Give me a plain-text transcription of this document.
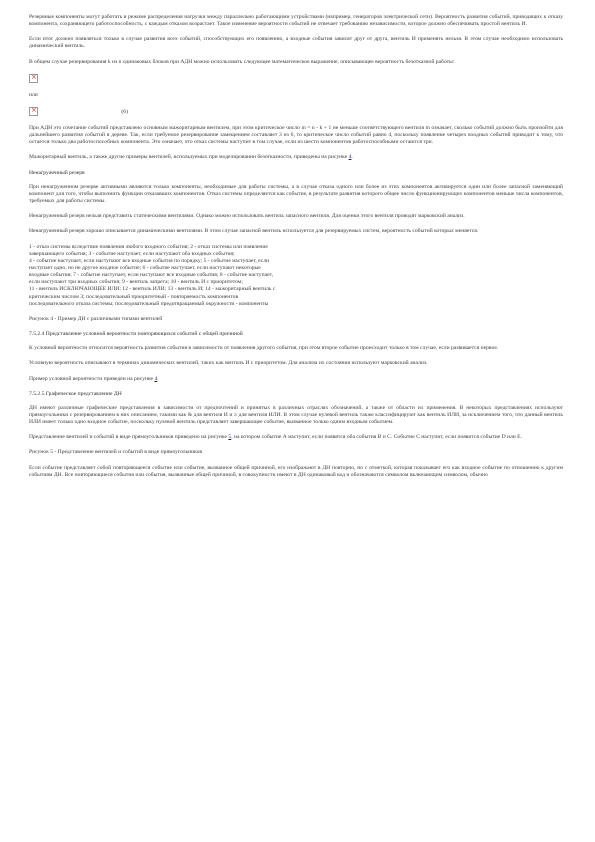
Резервные компоненты могут работать в режиме распределения нагрузки между параллельно работающими устройствами (например, генераторов электрической сети). Вероятность развития событий, приводящих к отказу компонента, сохраняющего работоспособность, с каждым отказом возрастает. Такое изменение вероятности событий не отвечает требованию независимости, которое должно обеспечивать простой вентиль И.

Если итог должно появляться только в случае развития всех событий, способствующих его появлению, а входные события зависят друг от друга, вентиль И применять нельзя. В этом случае необходимо использовать динамический вентиль.

В общем случае резервирования k из n одинаковых блоков при АДН можно использовать следующее математическое выражение, описывающее вероятность безотказной работы:

×

или

× (6)

При АДН это сочетание событий представлено основным мажоритарным вентилем, при этом критическое число m = n - k + 1 не меньше соответствующего вентиля m означает, сколько событий должно быть произойти для дальнейшего развития событий в дереве. Так, если требуемое резервирование замещением составляет 3 из 6, то критическое число событий равно 4, поскольку появление четырех входных событий приводит к тому, что остается только два работоспособных компонента. Это означает, что отказ системы наступит в том случае, если из шести компонентов работоспособными остаются три.

Мажоритарный вентиль, а также другие примеры вентилей, используемых при моделировании безотказности, приведены на рисунке 4.

Ненагруженный резерв

При ненагруженном резерве активными являются только компоненты, необходимые для работы системы, а в случае отказа одного или более из этих компонентов активируется один или более запасной заменяющий компонент для того, чтобы выполнить функции отказавших компонентов. Отказ системы определяется как событие, в результате развития которого общее число функционирующих компонентов меньше числа компонентов, требуемых для работы системы.

Ненагруженный резерв нельзя представить статическими вентилями. Однако можно использовать вентиль запасного вентиля. Для оценки этого вентиля проводят марковский анализ.

Ненагруженный резерв хорошо описывается динамическими вентилями. В этом случае запасной вентиль используется для резервируемых систем, вероятность событий которых меняется.

1 - отказ системы вследствие появления любого входного события; 2 - отказ системы или появление
завершающего события; 3 - событие наступает, если наступают оба входных события;
4 - событие наступает, если наступают все входные события по порядку; 5 - событие наступает, если
наступает одно, но не другое входное событие; 6 - событие наступает, если наступают некоторые
входные события; 7 - событие наступает, если наступают все входные события; 8 - событие наступает,
если наступают три входных события; 9 - вентиль запрета; 10 - вентиль И с приоритетом;
11 - вентиль ИСКЛЮЧАЮЩЕЕ ИЛИ; 12 - вентиль ИЛИ; 13 - вентиль И; 14 - мажоритарный вентиль с
критическим числом 3; последовательный приоритетный - повторяемость компонентов
последовательного отказа системы; последовательный предотвращаемый окружности - компоненты

Рисунок 4 - Пример ДН с различными типами вентилей

7.5.2.4 Представление условной вероятности повторяющихся событий с общей причиной

К условной вероятности относится вероятность развития события в зависимости от появления другого события, при этом второе событие происходит только в том случае, если развивается первое.

Условную вероятность описывают в терминах динамических вентилей, таких как вентиль И с приоритетом. Для анализа их состояния используют марковский анализ.

Пример условной вероятности приведен на рисунке 4.

7.5.2.5 Графическое представление ДН

ДН имеют различные графические представления в зависимости от предпочтений и принятых в различных отраслях обозначений, а также от области их применения. В некоторых представлениях используют прямоугольники с резервированием в них описанием, такими как & для вентиля И и ≥ для вентиля ИЛИ. В этом случае нулевой вентиль также классифицируют как вентиль ИЛИ, за исключением того, что данный вентиль ИЛИ имеет только одно входное событие, поскольку нулевой вентиль представляет завершающее событие, вызванное только одним входным событием.

Представление вентилей и событий в виде прямоугольников приведено на рисунке 5, на котором событие А наступит, если появятся оба события В и С. Событие С наступит, если появится событие D или Е.

Рисунок 5 - Представление вентилей и событий в виде прямоугольников

Если событие представляет собой повторяющееся событие или событие, вызванное общей причиной, его изображают в ДН повторно, но с отметкой, которая показывает его как входное событие по отношению к другим событиям ДН. Все повторяющиеся события или события, вызванные общей причиной, в совокупности имеют в ДН одинаковый код и обозначаются символом включающим символом, обычно
